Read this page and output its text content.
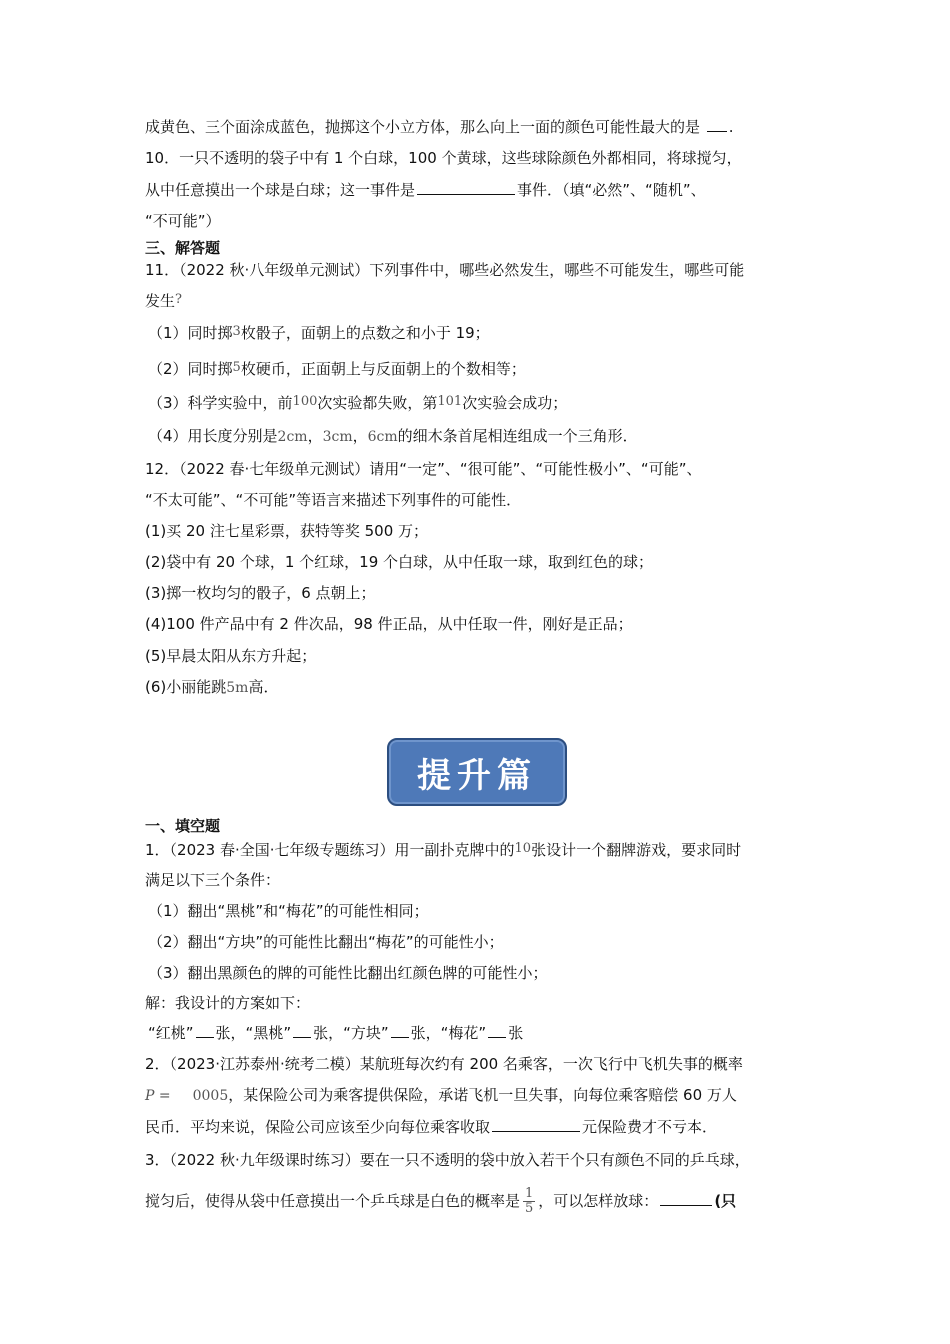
成黄色、三个面涂成蓝色，抛掷这个小立方体，那么向上一面的颜色可能性最大的是 .
10．一只不透明的袋子中有 1 个白球，100 个黄球，这些球除颜色外都相同，将球搅匀，
从中任意摸出一个球是白球；这一事件是	事件．（填“必然”、“随机”、
“不可能”）
三、解答题
11．（2022 秋·八年级单元测试）下列事件中，哪些必然发生，哪些不可能发生，哪些可能
发生?
（1）同时掷3枚骰子，面朝上的点数之和小于 19；
（2）同时掷5枚硬币，正面朝上与反面朝上的个数相等；
（3）科学实验中，前100次实验都失败，第101次实验会成功；
（4）用长度分别是2cm，3cm，6cm的细木条首尾相连组成一个三角形．
12．（2022 春·七年级单元测试）请用“一定”、“很可能”、“可能性极小”、“可能”、
“不太可能”、“不可能”等语言来描述下列事件的可能性．
(1)买 20 注七星彩票，获特等奖 500 万；
(2)袋中有 20 个球，1 个红球，19 个白球，从中任取一球，取到红色的球；
(3)掷一枚均匀的骰子，6 点朝上；
(4)100 件产品中有 2 件次品，98 件正品，从中任取一件，刚好是正品；
(5)早晨太阳从东方升起；
(6)小丽能跳5m高．
提升篇
一、填空题
1．（2023 春·全国·七年级专题练习）用一副扑克牌中的10张设计一个翻牌游戏，要求同时
满足以下三个条件：
（1）翻出“黑桃”和“梅花”的可能性相同；
（2）翻出“方块”的可能性比翻出“梅花”的可能性小；
（3）翻出黑颜色的牌的可能性比翻出红颜色牌的可能性小；
解：我设计的方案如下：
“红桃” 张，“黑桃” 张，“方块” 张，“梅花” 张
2．（2023·江苏泰州·统考二模）某航班每次约有 200 名乘客，一次飞行中飞机失事的概率
P = 0005，某保险公司为乘客提供保险，承诺飞机一旦失事，向每位乘客赔偿 60 万人
民币．平均来说，保险公司应该至少向每位乘客收取	元保险费才不亏本．
3．（2022 秋·九年级课时练习）要在一只不透明的袋中放入若干个只有颜色不同的乒乓球，
搅匀后，使得从袋中任意摸出一个乒乓球是白色的概率是 $\frac{1}{5}$ ，可以怎样放球：	(只
